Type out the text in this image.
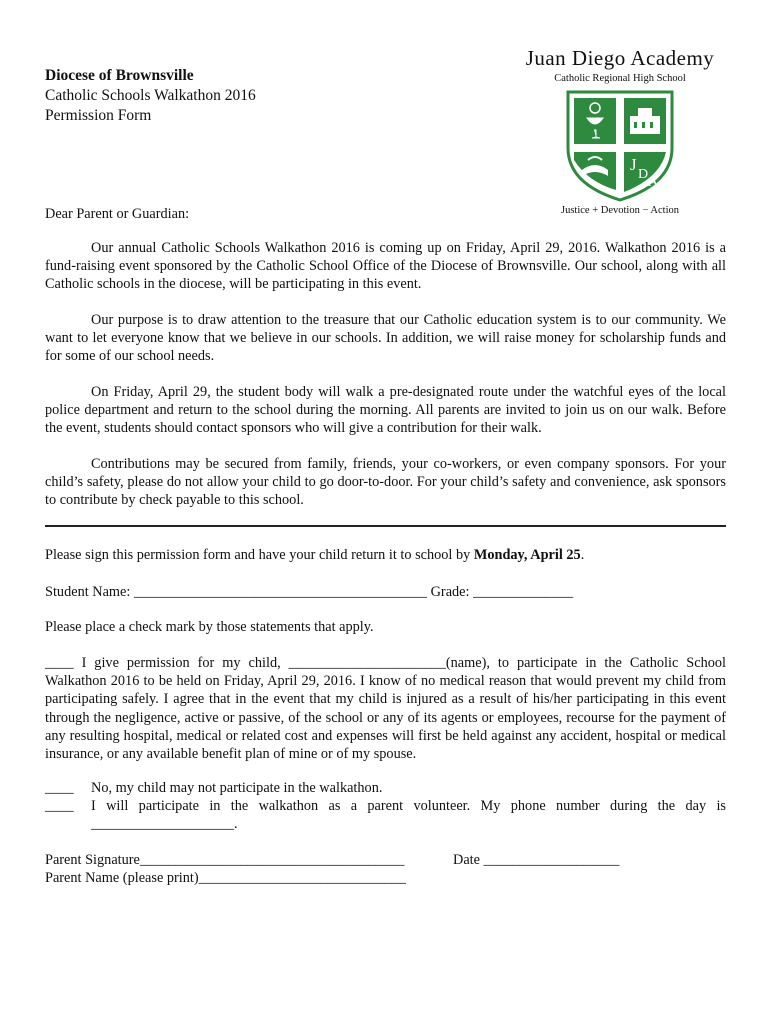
Diocese of Brownsville
Catholic Schools Walkathon 2016
Permission Form
Juan Diego Academy
Catholic Regional High School
J
D
A
Justice + Devotion − Action
Dear Parent or Guardian:

Our annual Catholic Schools Walkathon 2016 is coming up on Friday, April 29, 2016. Walkathon 2016 is a fund-raising event sponsored by the Catholic School Office of the Diocese of Brownsville. Our school, along with all Catholic schools in the diocese, will be participating in this event.

Our purpose is to draw attention to the treasure that our Catholic education system is to our community. We want to let everyone know that we believe in our schools. In addition, we will raise money for scholarship funds and for some of our school needs.

On Friday, April 29, the student body will walk a pre-designated route under the watchful eyes of the local police department and return to the school during the morning. All parents are invited to join us on our walk. Before the event, students should contact sponsors who will give a contribution for their walk.

Contributions may be secured from family, friends, your co-workers, or even company sponsors. For your child’s safety, please do not allow your child to go door-to-door. For your child’s safety and convenience, ask sponsors to contribute by check payable to this school.

Please sign this permission form and have your child return it to school by Monday, April 25.
Student Name: _________________________________________ Grade: ______________
Please place a check mark by those statements that apply.
____ I give permission for my child, ______________________(name), to participate in the Catholic School Walkathon 2016 to be held on Friday, April 29, 2016. I know of no medical reason that would prevent my child from participating safely. I agree that in the event that my child is injured as a result of his/her participating in this event through the negligence, active or passive, of the school or any of its agents or employees, recourse for the payment of any resulting hospital, medical or related cost and expenses will first be held against any accident, hospital or medical insurance, or any available benefit plan of mine or of my spouse.
____ No, my child may not participate in the walkathon.
____ I will participate in the walkathon as a parent volunteer. My phone number during the day is ____________________.
Parent Signature_____________________________________	Date ___________________
Parent Name (please print)_____________________________
